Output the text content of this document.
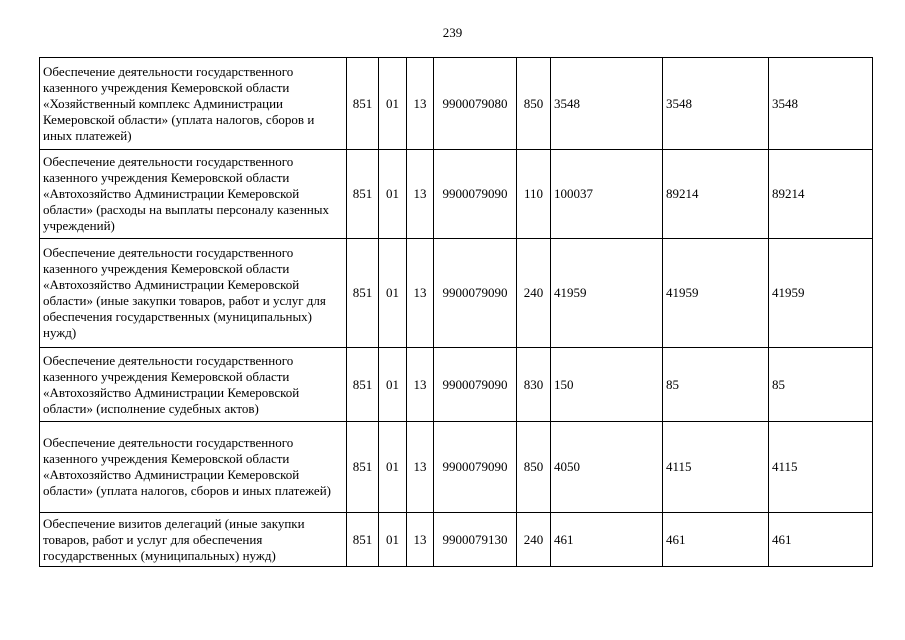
239
Обеспечение деятельности государственного казенного учреждения Кемеровской области «Хозяйственный комплекс Администрации Кемеровской области» (уплата налогов, сборов и иных платежей)	851	01	13	9900079080	850	3548	3548	3548
Обеспечение деятельности государственного казенного учреждения Кемеровской области «Автохозяйство Администрации Кемеровской области» (расходы на выплаты персоналу казенных учреждений)	851	01	13	9900079090	110	100037	89214	89214
Обеспечение деятельности государственного казенного учреждения Кемеровской области «Автохозяйство Администрации Кемеровской области» (иные закупки товаров, работ и услуг для обеспечения государственных (муниципальных) нужд)	851	01	13	9900079090	240	41959	41959	41959
Обеспечение деятельности государственного казенного учреждения Кемеровской области «Автохозяйство Администрации Кемеровской области» (исполнение судебных актов)	851	01	13	9900079090	830	150	85	85
Обеспечение деятельности государственного казенного учреждения Кемеровской области «Автохозяйство Администрации Кемеровской области» (уплата налогов, сборов и иных платежей)	851	01	13	9900079090	850	4050	4115	4115
Обеспечение визитов делегаций (иные закупки товаров, работ и услуг для обеспечения государственных (муниципальных) нужд)	851	01	13	9900079130	240	461	461	461
